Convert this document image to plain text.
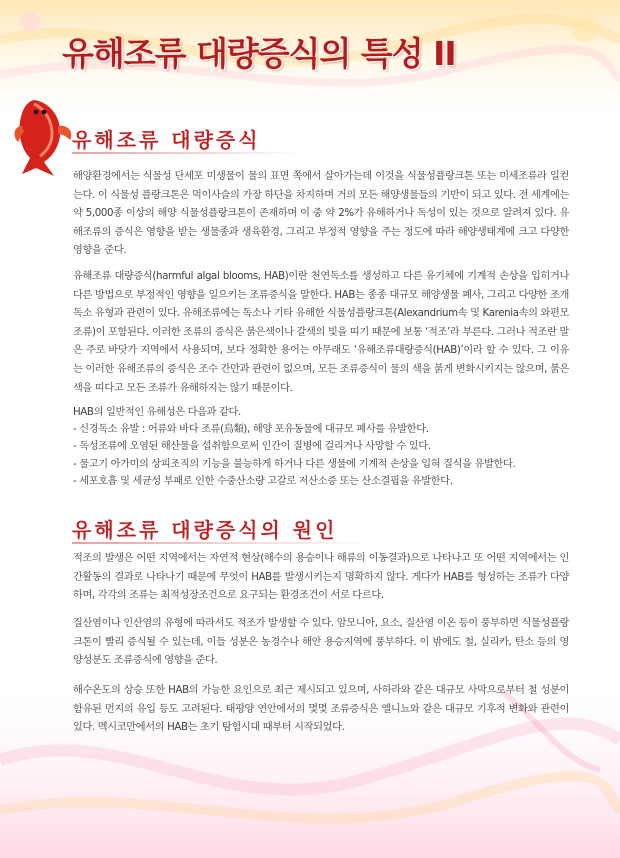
유해조류 대량증식의 특성 II
유해조류 대량증식

해양환경에서는 식물성 단세포 미생물이 물의 표면 쪽에서 살아가는데 이것을 식물성플랑크톤 또는 미세조류라 일컫는다. 이 식물성 플랑크톤은 먹이사슬의 가장 하단을 차지하며 거의 모든 해양생물들의 기반이 되고 있다. 전 세계에는 약 5,000종 이상의 해양 식물성플랑크톤이 존재하며 이 중 약 2%가 유해하거나 독성이 있는 것으로 알려져 있다. 유해조류의 증식은 영향을 받는 생물종과 생육환경, 그리고 부정적 영향을 주는 정도에 따라 해양생태계에 크고 다양한 영향을 준다.

유해조류 대량증식(harmful algal blooms, HAB)이란 천연독소를 생성하고 다른 유기체에 기계적 손상을 입히거나 다른 방법으로 부정적인 영향을 일으키는 조류증식을 말한다. HAB는 종종 대규모 해양생물 폐사, 그리고 다양한 조개독소 유형과 관련이 있다. 유해조류에는 독소나 기타 유해한 식물성플랑크톤(Alexandrium속 및 Karenia속의 와편모조류)이 포함된다. 이러한 조류의 증식은 붉은색이나 갈색의 빛을 띠기 때문에 보통 ‘적조’라 부른다. 그러나 적조란 말은 주로 바닷가 지역에서 사용되며, 보다 정확한 용어는 아무래도 ‘유해조류대량증식(HAB)’이라 할 수 있다. 그 이유는 이러한 유해조류의 증식은 조수 간만과 관련이 없으며, 모든 조류증식이 물의 색을 붉게 변화시키지는 않으며, 붉은 색을 띠다고 모든 조류가 유해하지는 않기 때문이다.

HAB의 일반적인 유해성은 다음과 같다.

- 신경독소 유발 : 어류와 바다 조류(鳥類), 해양 포유동물에 대규모 폐사를 유발한다.
- 독성조류에 오염된 해산물을 섭취함으로써 인간이 질병에 걸리거나 사망할 수 있다.
- 물고기 아가미의 상피조직의 기능을 불능하게 하거나 다른 생물에 기계적 손상을 입혀 질식을 유발한다.
- 세포호흡 및 세균성 부패로 인한 수중산소량 고갈로 저산소증 또는 산소결핍을 유발한다.
유해조류 대량증식의 원인

적조의 발생은 어떤 지역에서는 자연적 현상(해수의 용승이나 해류의 이동결과)으로 나타나고 또 어떤 지역에서는 인간활동의 결과로 나타나기 때문에 무엇이 HAB를 발생시키는지 명확하지 않다. 게다가 HAB를 형성하는 조류가 다양하며, 각각의 조류는 최적성장조건으로 요구되는 환경조건이 서로 다르다.

질산염이나 인산염의 유형에 따라서도 적조가 발생할 수 있다. 암모니아, 요소, 질산염 이온 등이 풍부하면 식물성플랑크톤이 빨리 증식될 수 있는데, 이들 성분은 농경수나 해안 용승지역에 풍부하다. 이 밖에도 철, 실리카, 탄소 등의 영양성분도 조류증식에 영향을 준다.

해수온도의 상승 또한 HAB의 가능한 요인으로 최근 제시되고 있으며, 사하라와 같은 대규모 사막으로부터 철 성분이 함유된 먼지의 유입 등도 고려된다. 태평양 연안에서의 몇몇 조류증식은 엘니뇨와 같은 대규모 기후적 변화와 관련이 있다. 멕시코만에서의 HAB는 초기 탐험시대 때부터 시작되었다.
